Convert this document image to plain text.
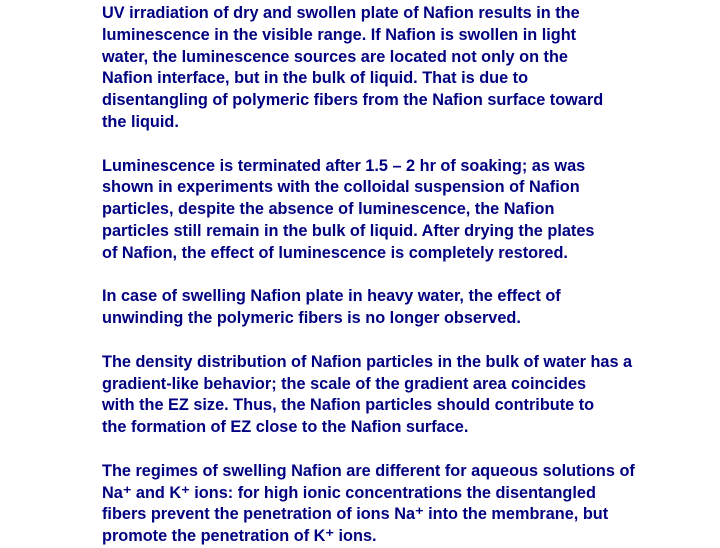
UV irradiation of dry and swollen plate of Nafion results in the
luminescence in the visible range. If Nafion is swollen in light
water, the luminescence sources are located not only on the
Nafion interface, but in the bulk of liquid. That is due to
disentangling of polymeric fibers from the Nafion surface toward
the liquid.

Luminescence is terminated after 1.5 – 2 hr of soaking; as was
shown in experiments with the colloidal suspension of Nafion
particles, despite the absence of luminescence, the Nafion
particles still remain in the bulk of liquid. After drying the plates
of Nafion, the effect of luminescence is completely restored.

In case of swelling Nafion plate in heavy water, the effect of
unwinding the polymeric fibers is no longer observed.

The density distribution of Nafion particles in the bulk of water has a
gradient-like behavior; the scale of the gradient area coincides
with the EZ size. Thus, the Nafion particles should contribute to
the formation of EZ close to the Nafion surface.

The regimes of swelling Nafion are different for aqueous solutions of
Na⁺ and K⁺ ions: for high ionic concentrations the disentangled
fibers prevent the penetration of ions Na⁺ into the membrane, but
promote the penetration of K⁺ ions.
